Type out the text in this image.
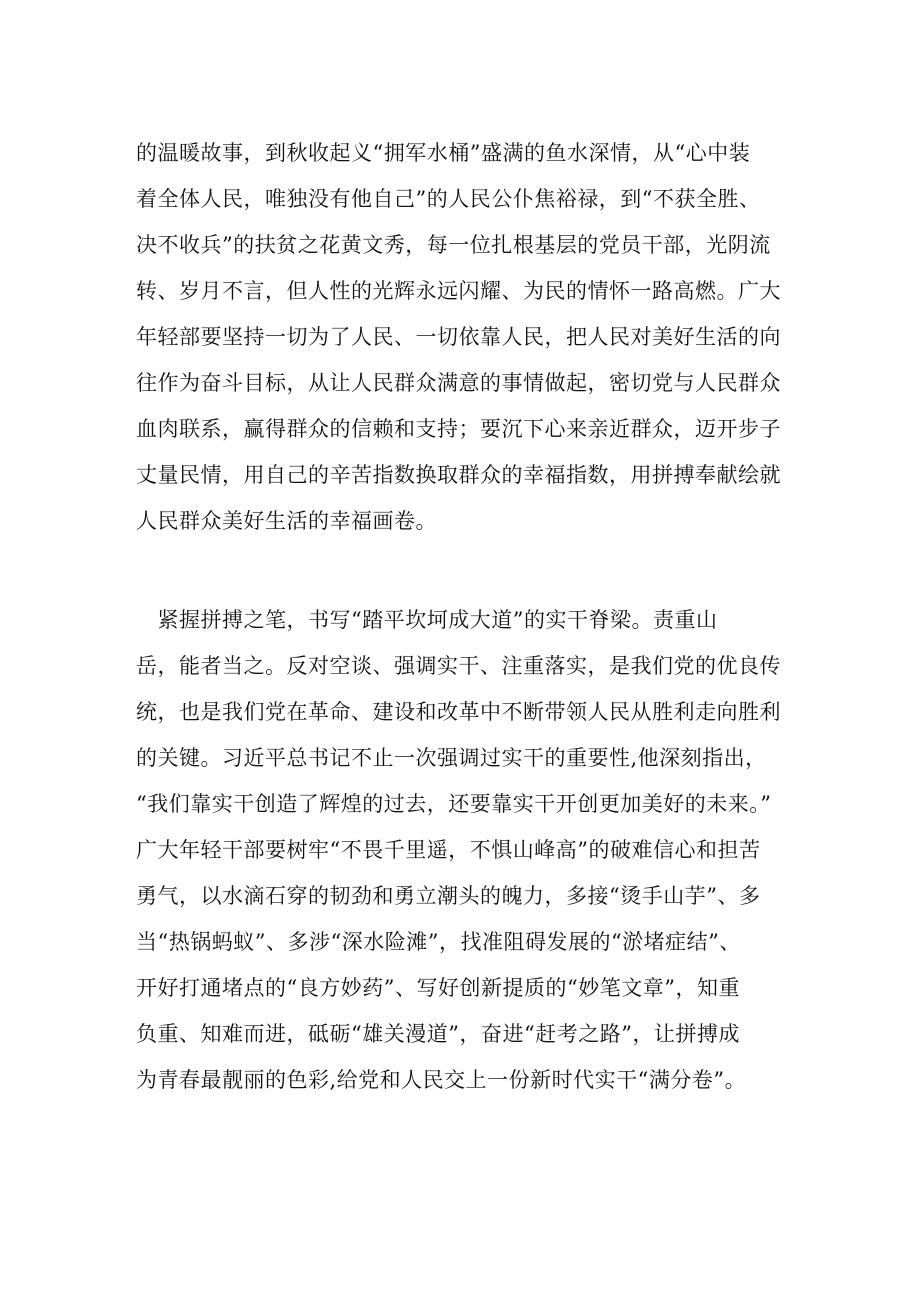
的温暖故事，到秋收起义“拥军水桶”盛满的鱼水深情，从“心中装
着全体人民，唯独没有他自己”的人民公仆焦裕禄，到“不获全胜、
决不收兵”的扶贫之花黄文秀，每一位扎根基层的党员干部，光阴流
转、岁月不言，但人性的光辉永远闪耀、为民的情怀一路高燃。广大
年轻部要坚持一切为了人民、一切依靠人民，把人民对美好生活的向
往作为奋斗目标，从让人民群众满意的事情做起，密切党与人民群众
血肉联系，赢得群众的信赖和支持；要沉下心来亲近群众，迈开步子
丈量民情，用自己的辛苦指数换取群众的幸福指数，用拼搏奉献绘就
人民群众美好生活的幸福画卷。
　紧握拼搏之笔，书写“踏平坎坷成大道”的实干脊梁。责重山
岳，能者当之。反对空谈、强调实干、注重落实，是我们党的优良传
统，也是我们党在革命、建设和改革中不断带领人民从胜利走向胜利
的关键。习近平总书记不止一次强调过实干的重要性,他深刻指出，
“我们靠实干创造了辉煌的过去，还要靠实干开创更加美好的未来。”
广大年轻干部要树牢“不畏千里遥，不惧山峰高”的破难信心和担苦
勇气，以水滴石穿的韧劲和勇立潮头的魄力，多接“烫手山芋”、多
当“热锅蚂蚁”、多涉“深水险滩”，找准阻碍发展的“淤堵症结”、
开好打通堵点的“良方妙药”、写好创新提质的“妙笔文章”，知重
负重、知难而进，砥砺“雄关漫道”，奋进“赶考之路”，让拼搏成
为青春最靓丽的色彩,给党和人民交上一份新时代实干“满分卷”。
